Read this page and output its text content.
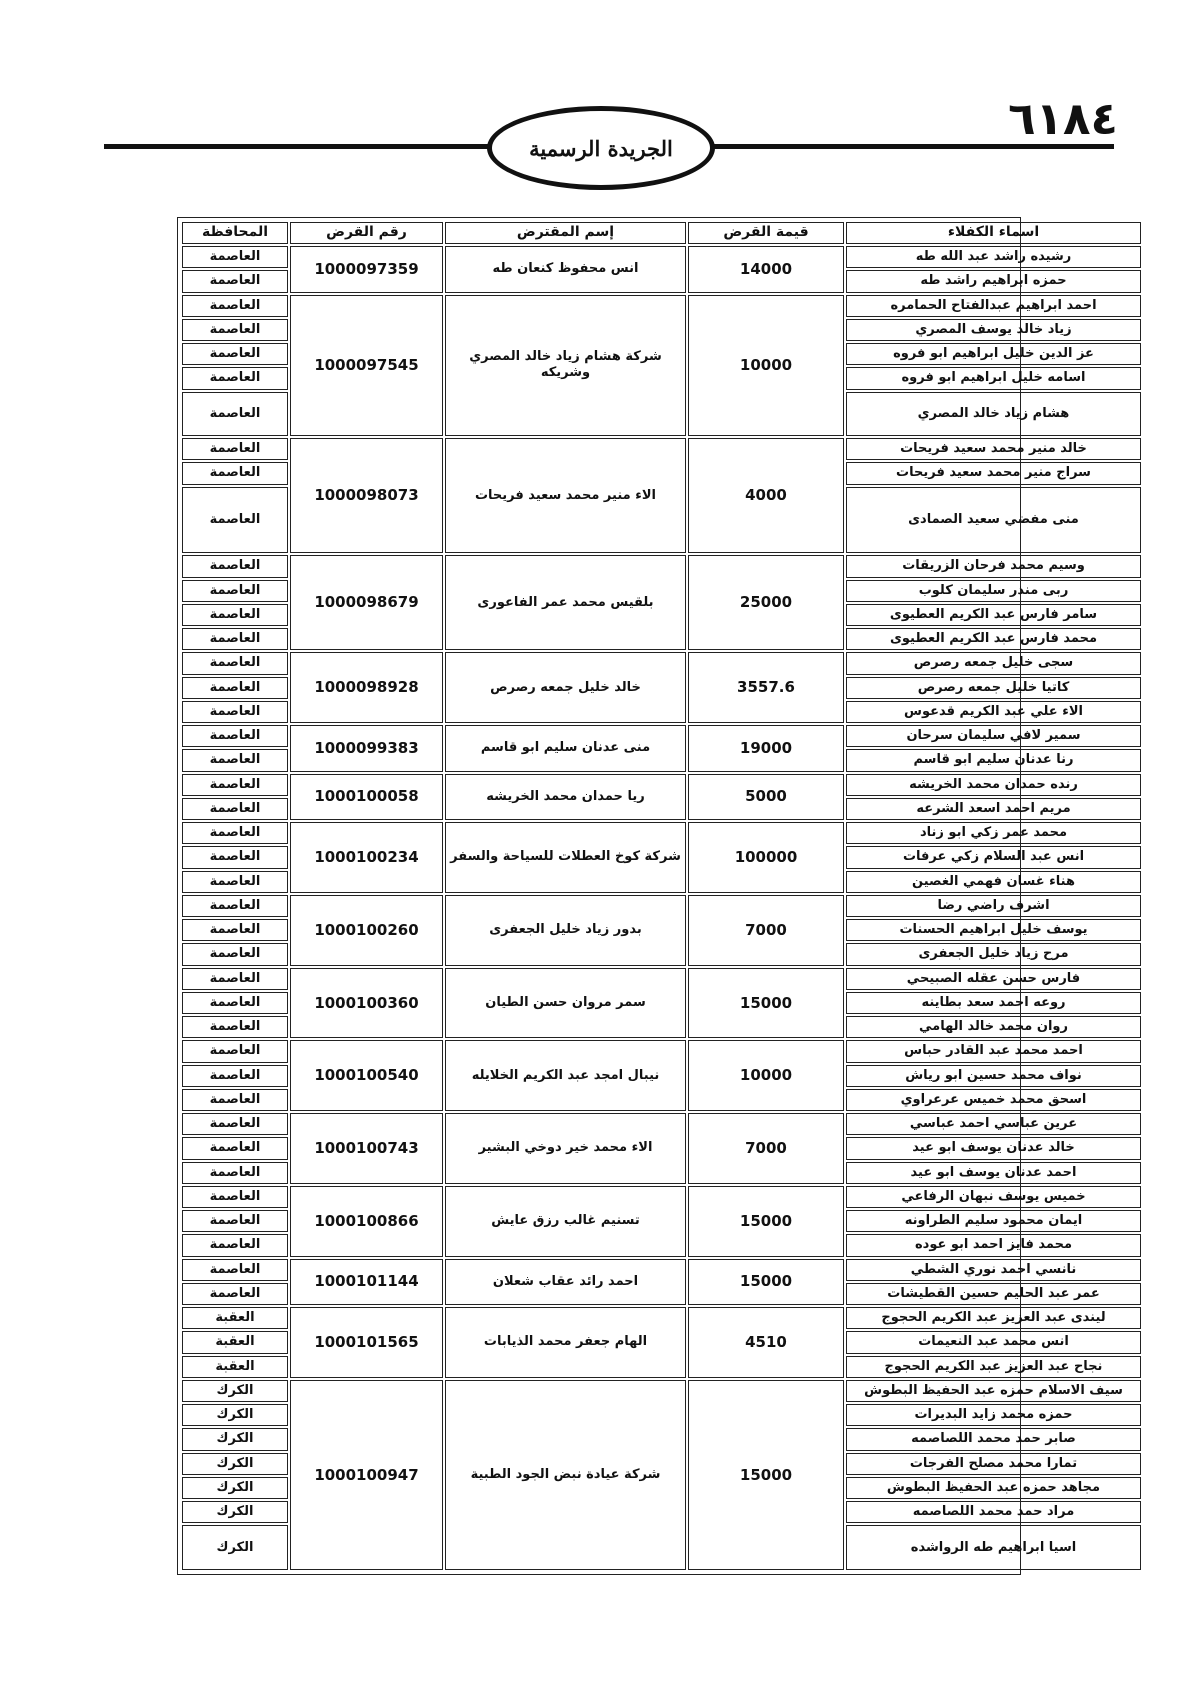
الجريدة الرسمية
٦١٨٤
اسماء الكفلاء	قيمة القرض	إسم المقترض	رقم القرض	المحافظة
رشيده راشد عبد الله طه	14000	انس محفوظ كنعان طه	1000097359	العاصمة
حمزه ابراهيم راشد طه				العاصمة
احمد ابراهيم عبدالفتاح الحمامره	10000	شركة هشام زياد خالد المصري وشريكه	1000097545	العاصمة
زياد خالد يوسف المصري				العاصمة
عز الدين خليل ابراهيم ابو فروه				العاصمة
اسامه خليل ابراهيم ابو فروه				العاصمة
هشام زياد خالد المصري				العاصمة
خالد منير محمد سعيد فريحات	4000	الاء منير محمد سعيد فريحات	1000098073	العاصمة
سراج منير محمد سعيد فريحات				العاصمة
منى مفضي سعيد الصمادى				العاصمة
وسيم محمد فرحان الزريقات	25000	بلقيس محمد عمر الفاعورى	1000098679	العاصمة
ربى منذر سليمان كلوب				العاصمة
سامر فارس عبد الكريم العطيوى				العاصمة
محمد فارس عبد الكريم العطيوى				العاصمة
سجى خليل جمعه رصرص	3557.6	خالد خليل جمعه رصرص	1000098928	العاصمة
كاتيا خليل جمعه رصرص				العاصمة
الاء علي عبد الكريم قدعوس				العاصمة
سمير لافي سليمان سرحان	19000	منى عدنان سليم ابو قاسم	1000099383	العاصمة
رنا عدنان سليم ابو قاسم				العاصمة
رنده حمدان محمد الخريشه	5000	ريا حمدان محمد الخريشه	1000100058	العاصمة
مريم احمد اسعد الشرعه				العاصمة
محمد عمر زكي ابو زناد	100000	شركة كوخ العطلات للسياحة والسفر	1000100234	العاصمة
انس عبد السلام زكي عرفات				العاصمة
هناء غسان فهمي الغصين				العاصمة
اشرف راضي رضا	7000	بدور زياد خليل الجعفرى	1000100260	العاصمة
يوسف خليل ابراهيم الحسنات				العاصمة
مرح زياد خليل الجعفرى				العاصمة
فارس حسن عقله الصبيحي	15000	سمر مروان حسن الطيان	1000100360	العاصمة
روعه احمد سعد بطاينه				العاصمة
روان محمد خالد الهامي				العاصمة
احمد محمد عبد القادر حباس	10000	نيبال امجد عبد الكريم الخلايله	1000100540	العاصمة
نواف محمد حسين ابو رياش				العاصمة
اسحق محمد خميس عرعراوي				العاصمة
عرين عباسي احمد عباسي	7000	الاء محمد خير دوخي البشير	1000100743	العاصمة
خالد عدنان يوسف ابو عيد				العاصمة
احمد عدنان يوسف ابو عيد				العاصمة
خميس يوسف نبهان الرفاعي	15000	تسنيم غالب رزق عايش	1000100866	العاصمة
ايمان محمود سليم الطراونه				العاصمة
محمد فايز احمد ابو عوده				العاصمة
نانسي احمد نوري الشطي	15000	احمد رائد عقاب شعلان	1000101144	العاصمة
عمر عبد الحليم حسين القطيشات				العاصمة
ليندى عبد العزيز عبد الكريم الحجوج	4510	الهام جعفر محمد الذيابات	1000101565	العقبة
انس محمد عبد النعيمات				العقبة
نجاح عبد العزيز عبد الكريم الحجوج				العقبة
سيف الاسلام حمزه عبد الحفيظ البطوش	15000	شركة عيادة نبض الجود الطبية	1000100947	الكرك
حمزه محمد زايد البديرات				الكرك
صابر حمد محمد اللصاصمه				الكرك
تمارا محمد مصلح الفرجات				الكرك
مجاهد حمزه عبد الحفيظ البطوش				الكرك
مراد حمد محمد اللصاصمه				الكرك
اسيا ابراهيم طه الرواشده				الكرك
